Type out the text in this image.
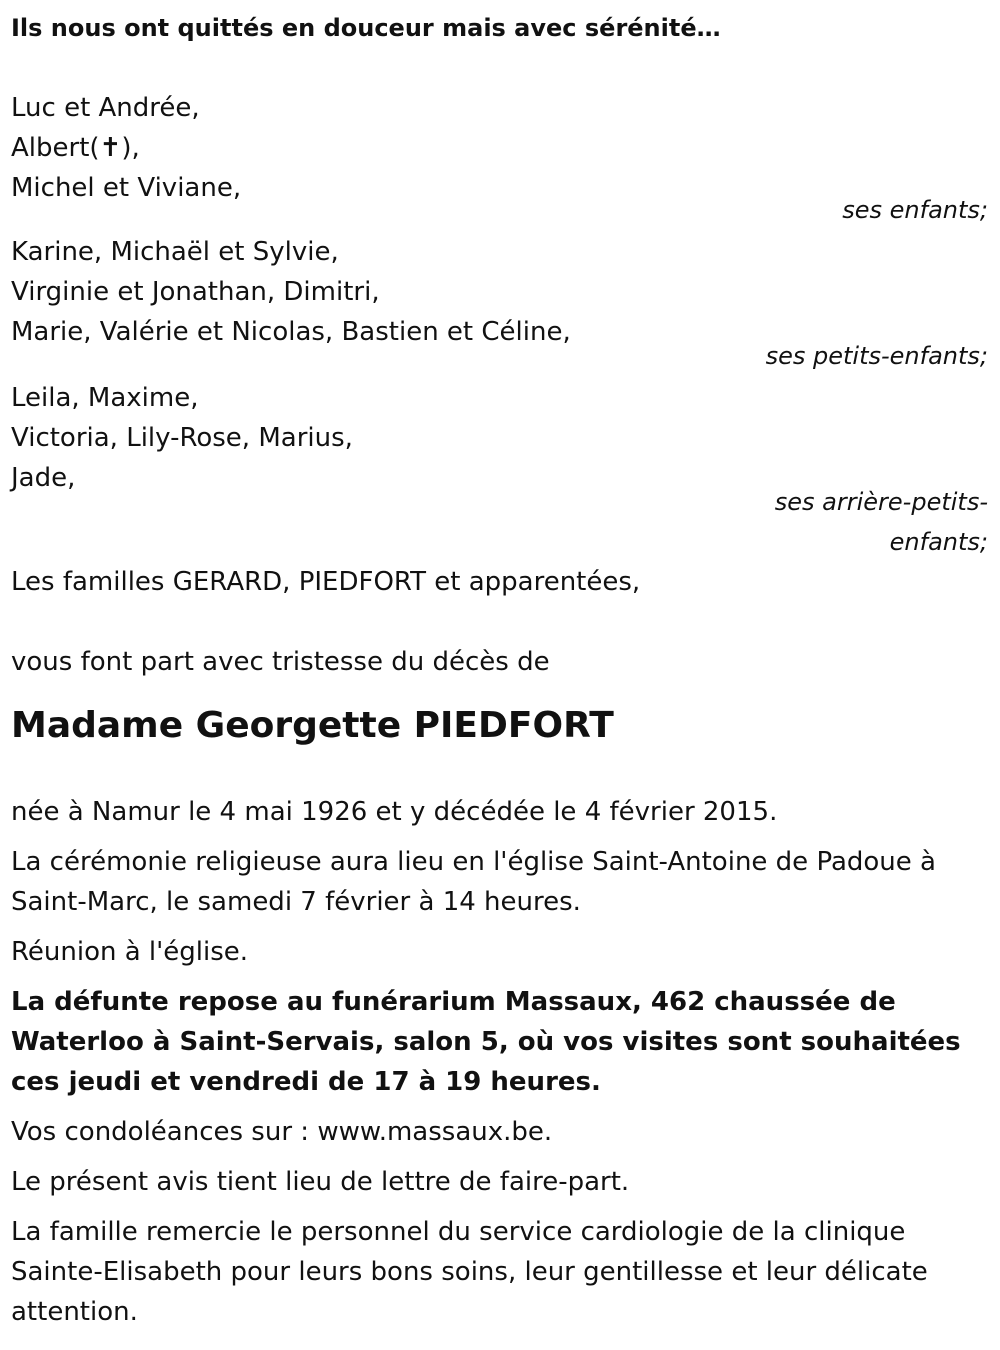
Ils nous ont quittés en douceur mais avec sérénité…

Luc et Andrée,

Albert(✝),

Michel et Viviane,

ses enfants;

Karine, Michaël et Sylvie,

Virginie et Jonathan, Dimitri,

Marie, Valérie et Nicolas, Bastien et Céline,

ses petits-enfants;

Leila, Maxime,

Victoria, Lily-Rose, Marius,

Jade,

ses arrière-petits-

enfants;

Les familles GERARD, PIEDFORT et apparentées,

vous font part avec tristesse du décès de

Madame Georgette PIEDFORT

née à Namur le 4 mai 1926 et y décédée le 4 février 2015.

La cérémonie religieuse aura lieu en l'église Saint-Antoine de Padoue à Saint-Marc, le samedi 7 février à 14 heures.

Réunion à l'église.

La défunte repose au funérarium Massaux, 462 chaussée de Waterloo à Saint-Servais, salon 5, où vos visites sont souhaitées ces jeudi et vendredi de 17 à 19 heures.

Vos condoléances sur : www.massaux.be.

Le présent avis tient lieu de lettre de faire-part.

La famille remercie le personnel du service cardiologie de la clinique Sainte-Elisabeth pour leurs bons soins, leur gentillesse et leur délicate attention.
